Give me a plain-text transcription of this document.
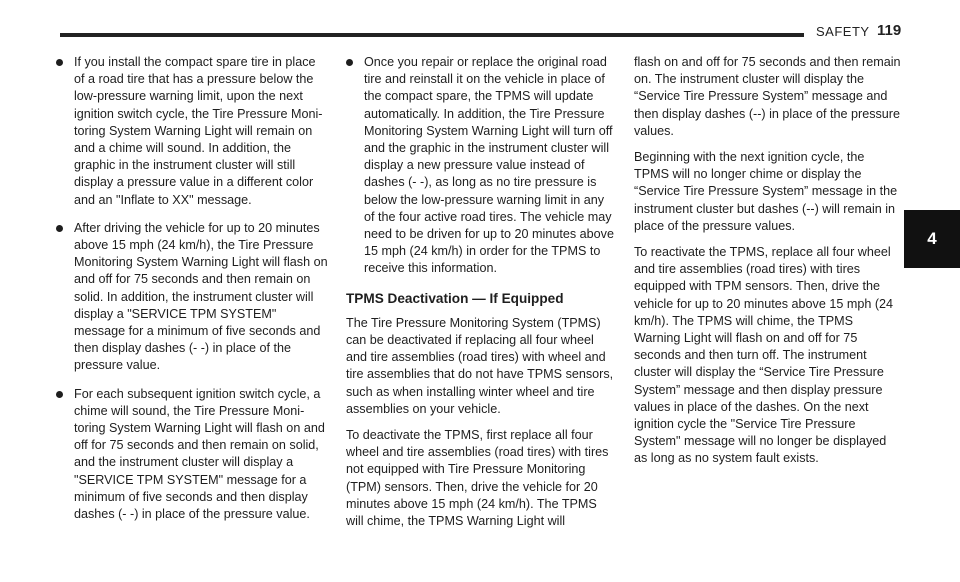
SAFETY 119
4
If you install the compact spare tire in place of a road tire that has a pressure below the low-pressure warning limit, upon the next ignition switch cycle, the Tire Pressure Moni-toring System Warning Light will remain on and a chime will sound. In addition, the graphic in the instrument cluster will still display a pressure value in a different color and an "Inflate to XX" message.
After driving the vehicle for up to 20 minutes above 15 mph (24 km/h), the Tire Pressure Monitoring System Warning Light will flash on and off for 75 seconds and then remain on solid. In addition, the instrument cluster will display a "SERVICE TPM SYSTEM" message for a minimum of five seconds and then display dashes (- -) in place of the pressure value.
For each subsequent ignition switch cycle, a chime will sound, the Tire Pressure Moni-toring System Warning Light will flash on and off for 75 seconds and then remain on solid, and the instrument cluster will display a "SERVICE TPM SYSTEM" message for a minimum of five seconds and then display dashes (- -) in place of the pressure value.
Once you repair or replace the original road tire and reinstall it on the vehicle in place of the compact spare, the TPMS will update automatically. In addition, the Tire Pressure Monitoring System Warning Light will turn off and the graphic in the instrument cluster will display a new pressure value instead of dashes (- -), as long as no tire pressure is below the low-pressure warning limit in any of the four active road tires. The vehicle may need to be driven for up to 20 minutes above 15 mph (24 km/h) in order for the TPMS to receive this information.
TPMS Deactivation — If Equipped

The Tire Pressure Monitoring System (TPMS) can be deactivated if replacing all four wheel and tire assemblies (road tires) with wheel and tire assemblies that do not have TPMS sensors, such as when installing winter wheel and tire assemblies on your vehicle.

To deactivate the TPMS, first replace all four wheel and tire assemblies (road tires) with tires not equipped with Tire Pressure Monitoring (TPM) sensors. Then, drive the vehicle for 20 minutes above 15 mph (24 km/h). The TPMS will chime, the TPMS Warning Light will

flash on and off for 75 seconds and then remain on. The instrument cluster will display the “Service Tire Pressure System” message and then display dashes (--) in place of the pressure values.

Beginning with the next ignition cycle, the TPMS will no longer chime or display the “Service Tire Pressure System” message in the instrument cluster but dashes (--) will remain in place of the pressure values.

To reactivate the TPMS, replace all four wheel and tire assemblies (road tires) with tires equipped with TPM sensors. Then, drive the vehicle for up to 20 minutes above 15 mph (24 km/h). The TPMS will chime, the TPMS Warning Light will flash on and off for 75 seconds and then turn off. The instrument cluster will display the “Service Tire Pressure System” message and then display pressure values in place of the dashes. On the next ignition cycle the "Service Tire Pressure System" message will no longer be displayed as long as no system fault exists.
